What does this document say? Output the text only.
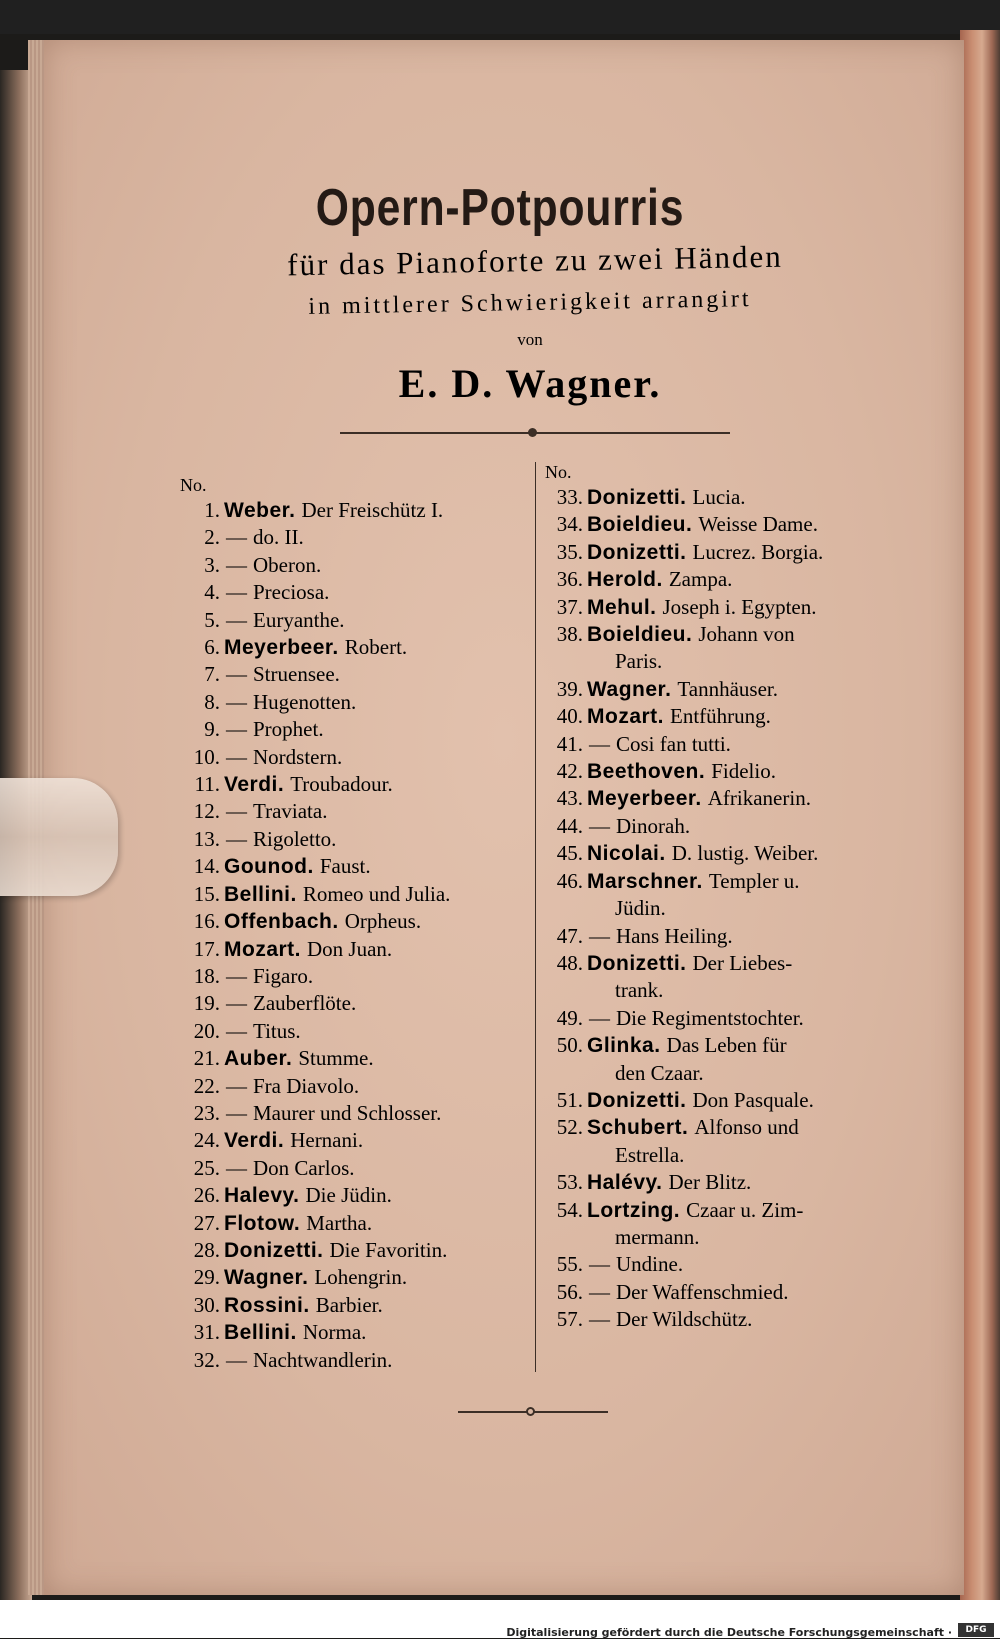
Opern-Potpourris
für das Pianoforte zu zwei Händen
in mittlerer Schwierigkeit arrangirt
von
E. D. Wagner.
No.
1. Weber. Der Freischütz I.
2. — do. II.
3. — Oberon.
4. — Preciosa.
5. — Euryanthe.
6. Meyerbeer. Robert.
7. — Struensee.
8. — Hugenotten.
9. — Prophet.
10. — Nordstern.
11. Verdi. Troubadour.
12. — Traviata.
13. — Rigoletto.
14. Gounod. Faust.
15. Bellini. Romeo und Julia.
16. Offenbach. Orpheus.
17. Mozart. Don Juan.
18. — Figaro.
19. — Zauberflöte.
20. — Titus.
21. Auber. Stumme.
22. — Fra Diavolo.
23. — Maurer und Schlosser.
24. Verdi. Hernani.
25. — Don Carlos.
26. Halevy. Die Jüdin.
27. Flotow. Martha.
28. Donizetti. Die Favoritin.
29. Wagner. Lohengrin.
30. Rossini. Barbier.
31. Bellini. Norma.
32. — Nachtwandlerin.
No.
33. Donizetti. Lucia.
34. Boieldieu. Weisse Dame.
35. Donizetti. Lucrez. Borgia.
36. Herold. Zampa.
37. Mehul. Joseph i. Egypten.
38. Boieldieu. Johann von
Paris.
39. Wagner. Tannhäuser.
40. Mozart. Entführung.
41. — Cosi fan tutti.
42. Beethoven. Fidelio.
43. Meyerbeer. Afrikanerin.
44. — Dinorah.
45. Nicolai. D. lustig. Weiber.
46. Marschner. Templer u.
Jüdin.
47. — Hans Heiling.
48. Donizetti. Der Liebes-
trank.
49. — Die Regimentstochter.
50. Glinka. Das Leben für
den Czaar.
51. Donizetti. Don Pasquale.
52. Schubert. Alfonso und
Estrella.
53. Halévy. Der Blitz.
54. Lortzing. Czaar u. Zim-
mermann.
55. — Undine.
56. — Der Waffenschmied.
57. — Der Wildschütz.
Digitalisierung gefördert durch die Deutsche Forschungsgemeinschaft ·	DFG
